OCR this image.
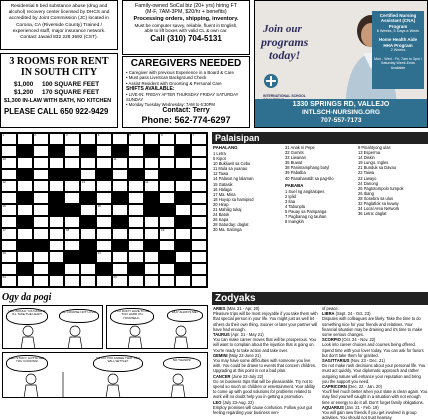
Residential 6 bed substance abuse (drug and alcohol) recovery center licensed by DHCS and accredited by Joint Commission (JC) located in Corona, CA (Riverside County) Trained / experienced staff, major insurance network. Contact Javaid 832 228 3692 (CST).
3 ROOMS FOR RENT
IN SOUTH CITY
$1,000	100 SQUARE FEET
$1,200	170 SQUARE FEET
$1,300 IN-LAW WITH BATH, NO KITCHEN
PLEASE CALL 650 922-9429
Family-owned SoCal biz (20+ yrs) hiring FT
(M-F, 7AM-3PM, $20/hr + benefits)
Processing orders, shipping, inventory.
Must be computer savvy, reliable, fluent in English,
able to lift boxes with valid CL & own car.
Call (310) 704-5131
CAREGIVERS NEEDED
• Caregiver with previous Experience in a Board & Care
• Must pass LiveScan Background Check
• Assist Resident with Grooming & Personal Care
SHIFTS AVAILABLE:
• LIVE-IN: FRIDAY AFTER THURSDAY FRIDAY SATURDAY SUNDAY
• Monday Tuesday Wednesday: 7AM to 6:30PM
Contact: Terry
Phone: 562-774-6297
Join our
programs
today!
Certified Nursing Assistant (CNA) Program
6 Weeks, 5 Days a Week
Home Health Aide HHA Program
2 Weeks
Mon - Wed - Fri, 7am to 3pm / Saturday Week-Ends Available
INTERNATIONAL SCHOOL
1330 SPRINGS RD, VALLEJO
INTLSCH-NURSING.ORG
707-557-7173
1	2	3	4	5	6	7
10	11
12	13	14
15	16
17	18	19
20	21
24	26
Palaisipan
PAHALANG
1 Letra
5 Kipot
10 Bukluwit sa Cebu
11 Mula sa yuanao
12 Tawa
14 Palasot ng lalaman
15 Gatasik
16 Halaga
17 Ma. Mina
18 Huyop sa hamipisd
20 Hirap
21 Mahilig tukaj
24 Batok
26 Kapa
28 Saturday: daglat
30 Ma. Salonga
31 Anak ni Pepe
32 Gomits
33 Liwanan
35 Buwat
38 Panimamphang butyl
39 Pabalba
40 Panahanatilt sa pag-tilo
PABABA
1 Suel ng angitalopes
2 Iplid
3 Ilaa
4 Tabunpla
5 Pauay sa Pampanga
7 Pagbanag ng tauhan
8 Inangkin
9 Pinahtyong ulas
13 Esperma
14 Diskin
19 Lungo. Ingles
21 Bunduk sa Davao
22 Taiwa
23 Liwayo
24 Danong
25 Pagtotompolo tumpok
26 Ibang
28 Sosebra sa ulus
32 Paglatlok sa kuway
34 Local Area Network
36 Letra: daglat
Ogy da pogi
LEO WOULD YOU MIND IF I'LL TAKE THE LEAD?
OF COURSE NOT LOVE!	YOU DON'T HAVE TO BE TOO HARD ON YOURSELF...
WHY ALWAYS ME?
LEO STUDY, GOTTA SEE YOU COOKING!
SO DO YOU AGREE THAT YOU WILL SETTLE?	NO THANKS!
Zodyaks
ARIES (Mar. 21 - Apr. 20)
Pleasure trips will be most enjoyable if you take them with that special person in your life. You might just as well let others do their own thing. Sooner or later your partner will have had enough.
TAURUS (Apr. 21 - May 21)
You can make career moves that will be prosperous. You will want to complain about the injustice that is going on. You're ready to take action and take over.
GEMINI (May 22-June 21)
You may have some difficulties with someone you live with. You could be drawn to events that concern children. Upgrading at this point is not a bad plan.
CANCER (June 22-July 22)
Go on business trips that will be pleasurable. Try not to spend so much on children or entertainment. Your ability to come up with good solutions for problems related to work will no doubt help you in getting a promotion.
LEO (July 23-Aug. 22)
Employ promises will cause confusion. Follow your gut feeling regarding your business ven-
of peace.
LIBRA (Sept. 24 - Oct. 23)
Disputes with colleagues are likely. Take the time to do something nice for your friends and relatives. Your financial situation may be draining and it's time to make some serious changes.
SCORPIO (Oct. 24 - Nov. 22)
Look into career choices and courses being offered. Spend time with your lover today. You can ask for favors but don't take them for granted.
SAGITTARIUS (Nov. 23 - Dec. 21)
Do not make rash decisions about your personal life. You must act quickly. Your diplomatic approach and rather outgoing nature will enhance your reputation and bring you the support you need.
CAPRICORN (Dec. 22 - Jan. 20)
You'll feel much better when your slate is clean again. You may find yourself caught in a situation with not enough time or energy to do it all. Don't forget family obligations.
AQUARIUS (Jan. 21 - Feb. 19)
You will gain new friends if you get involved in group activities. You should not trust hearsay.
